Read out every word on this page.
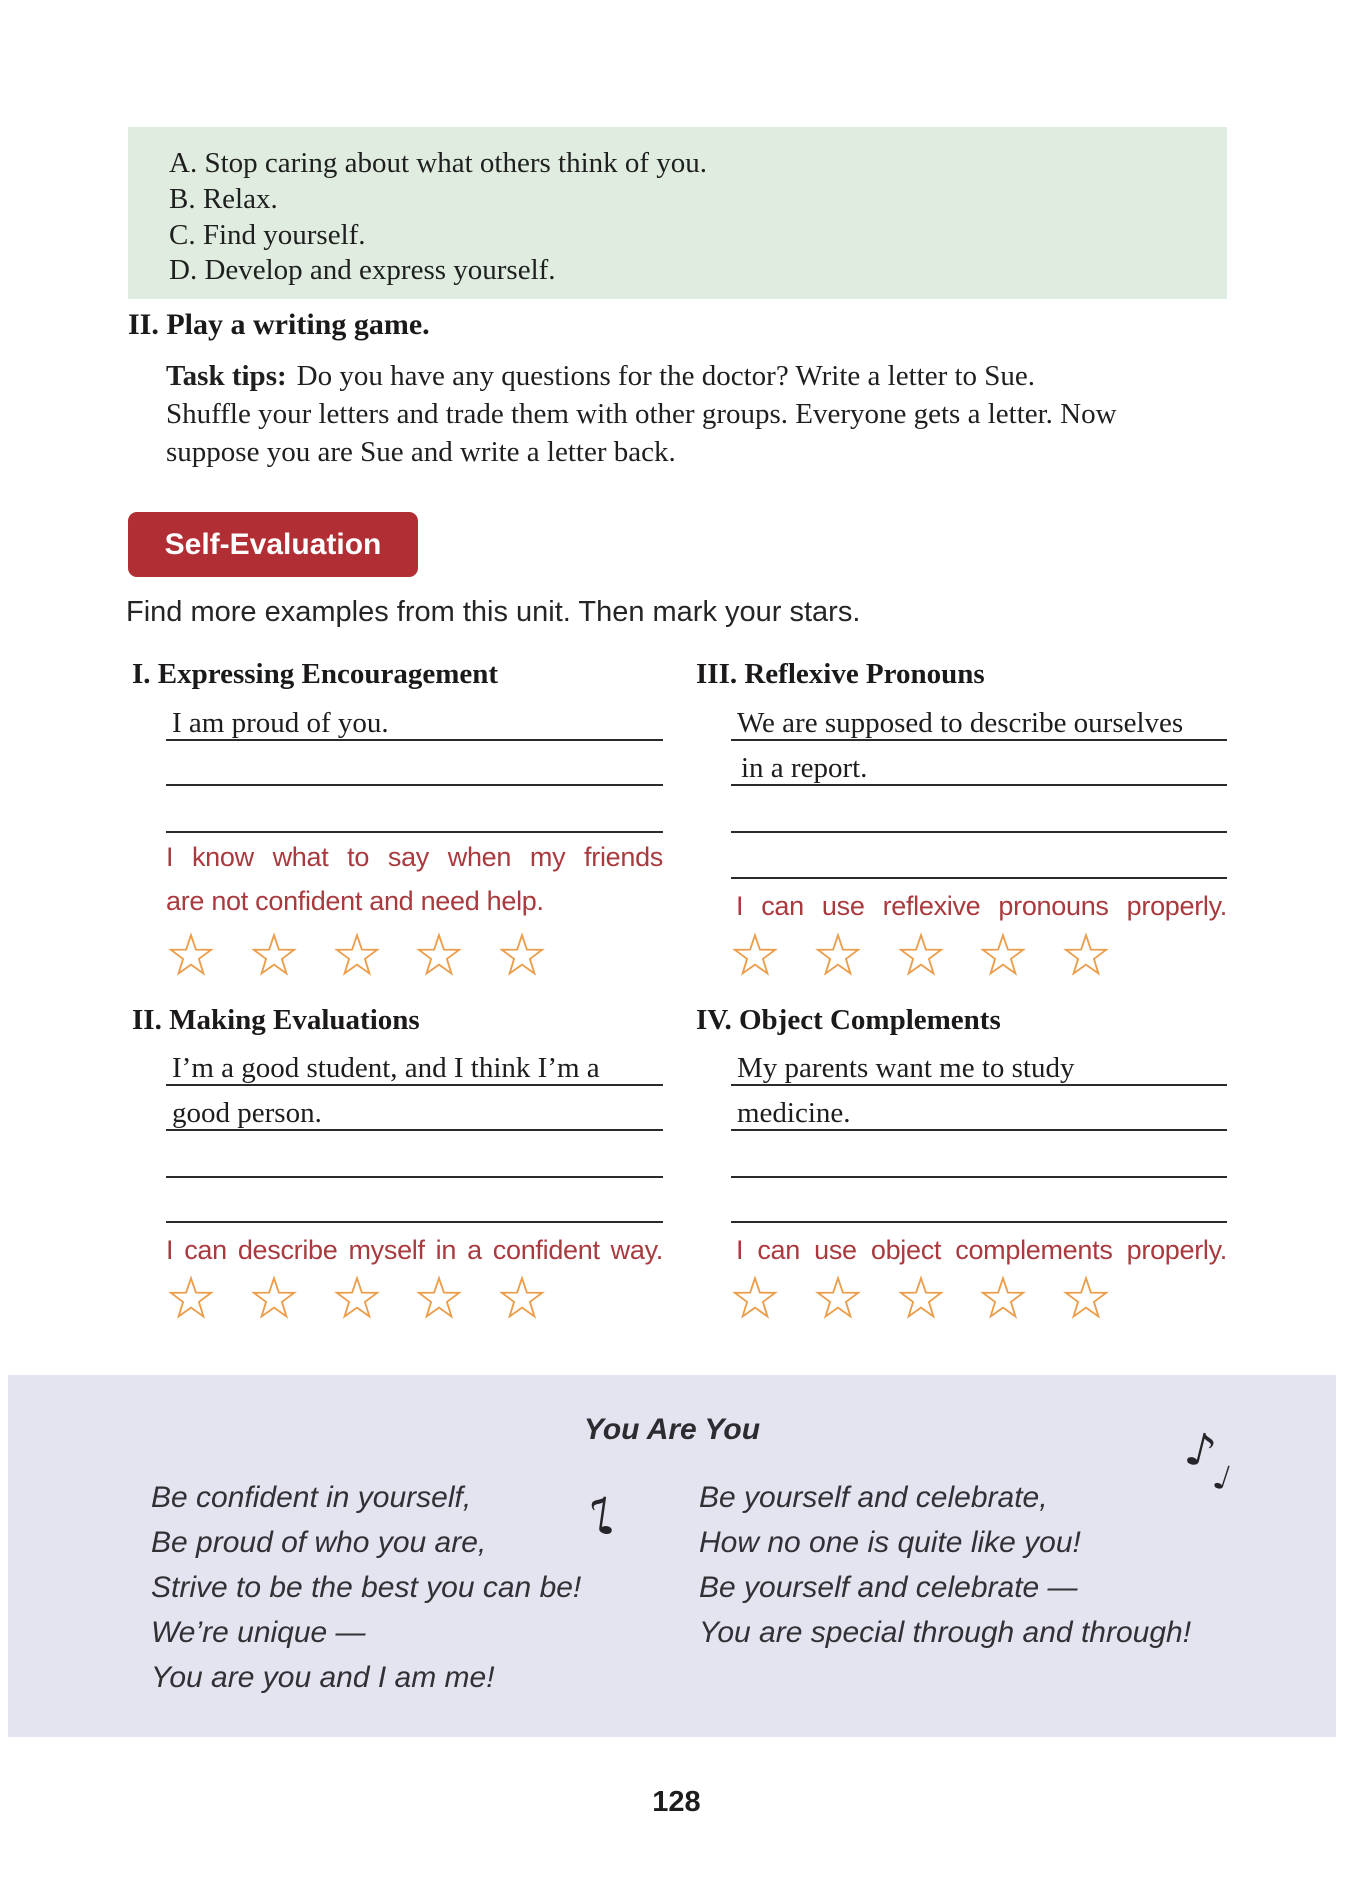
A. Stop caring about what others think of you.
B. Relax.
C. Find yourself.
D. Develop and express yourself.
II. Play a writing game.
Task tips: Do you have any questions for the doctor? Write a letter to Sue.
Shuffle your letters and trade them with other groups. Everyone gets a letter. Now
suppose you are Sue and write a letter back.
Self-Evaluation
Find more examples from this unit. Then mark your stars.
I. Expressing Encouragement
I am proud of you.
I know what to say when my friends
are not confident and need help.
III. Reflexive Pronouns
We are supposed to describe ourselves
in a report.
I can use reflexive pronouns properly.
II. Making Evaluations
I’m a good student, and I think I’m a
good person.
I can describe myself in a confident way.
IV. Object Complements
My parents want me to study
medicine.
I can use object complements properly.
You Are You
Be confident in yourself,
Be proud of who you are,
Strive to be the best you can be!
We’re unique —
You are you and I am me!
Be yourself and celebrate,
How no one is quite like you!
Be yourself and celebrate —
You are special through and through!
♪
♪
♩
128
